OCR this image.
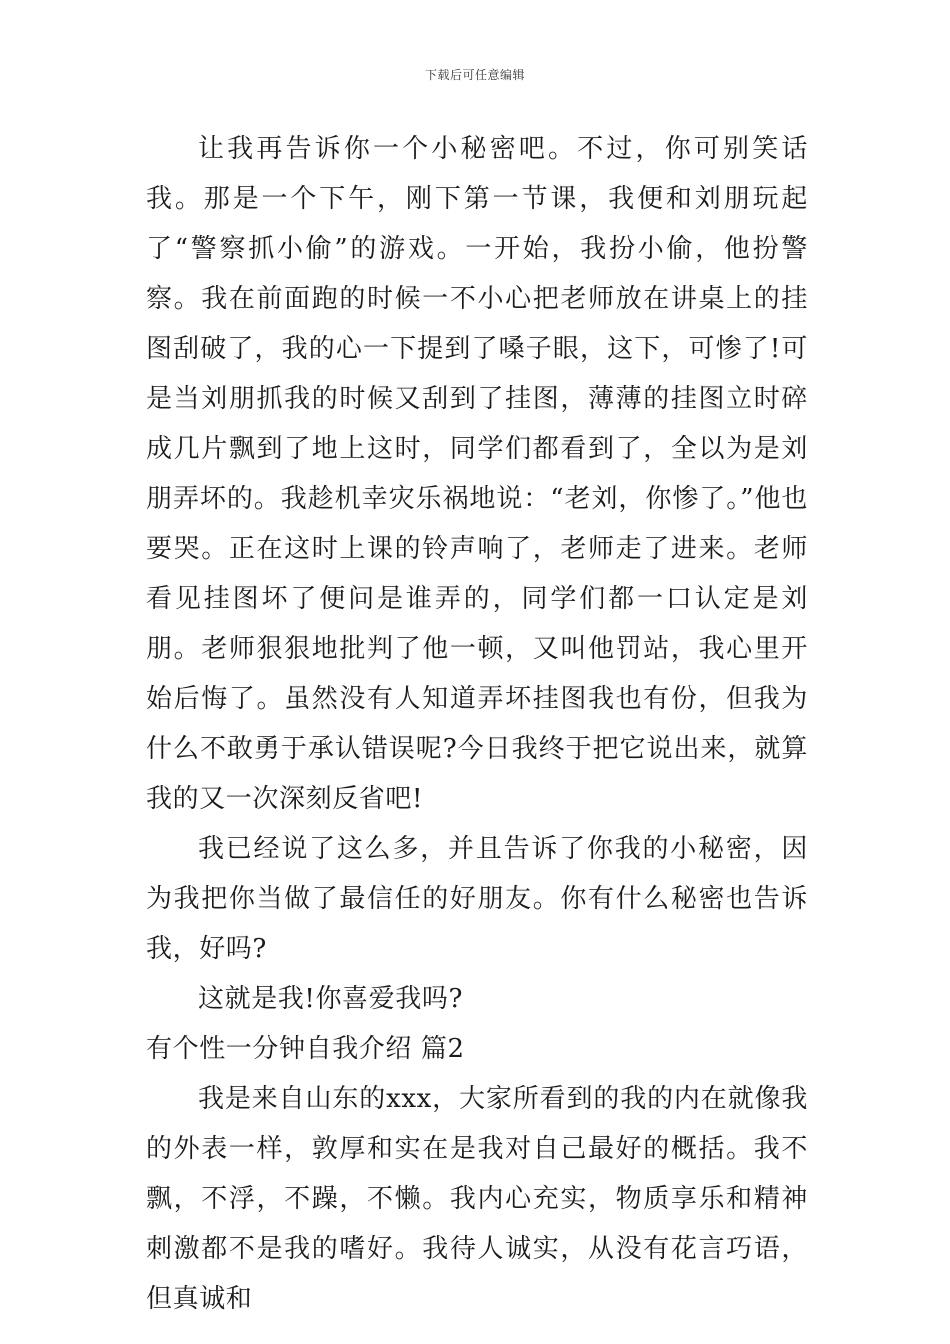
下载后可任意编辑

让我再告诉你一个小秘密吧。不过，你可别笑话我。那是一个下午，刚下第一节课，我便和刘朋玩起了“警察抓小偷”的游戏。一开始，我扮小偷，他扮警察。我在前面跑的时候一不小心把老师放在讲桌上的挂图刮破了，我的心一下提到了嗓子眼，这下，可惨了!可是当刘朋抓我的时候又刮到了挂图，薄薄的挂图立时碎成几片飘到了地上这时，同学们都看到了，全以为是刘朋弄坏的。我趁机幸灾乐祸地说：“老刘，你惨了。”他也要哭。正在这时上课的铃声响了，老师走了进来。老师看见挂图坏了便问是谁弄的，同学们都一口认定是刘朋。老师狠狠地批判了他一顿，又叫他罚站，我心里开始后悔了。虽然没有人知道弄坏挂图我也有份，但我为什么不敢勇于承认错误呢?今日我终于把它说出来，就算我的又一次深刻反省吧!

我已经说了这么多，并且告诉了你我的小秘密，因为我把你当做了最信任的好朋友。你有什么秘密也告诉我，好吗?

这就是我!你喜爱我吗?

有个性一分钟自我介绍 篇2

我是来自山东的xxx，大家所看到的我的内在就像我的外表一样，敦厚和实在是我对自己最好的概括。我不飘，不浮，不躁，不懒。我内心充实，物质享乐和精神刺激都不是我的嗜好。我待人诚实，从没有花言巧语，但真诚和
